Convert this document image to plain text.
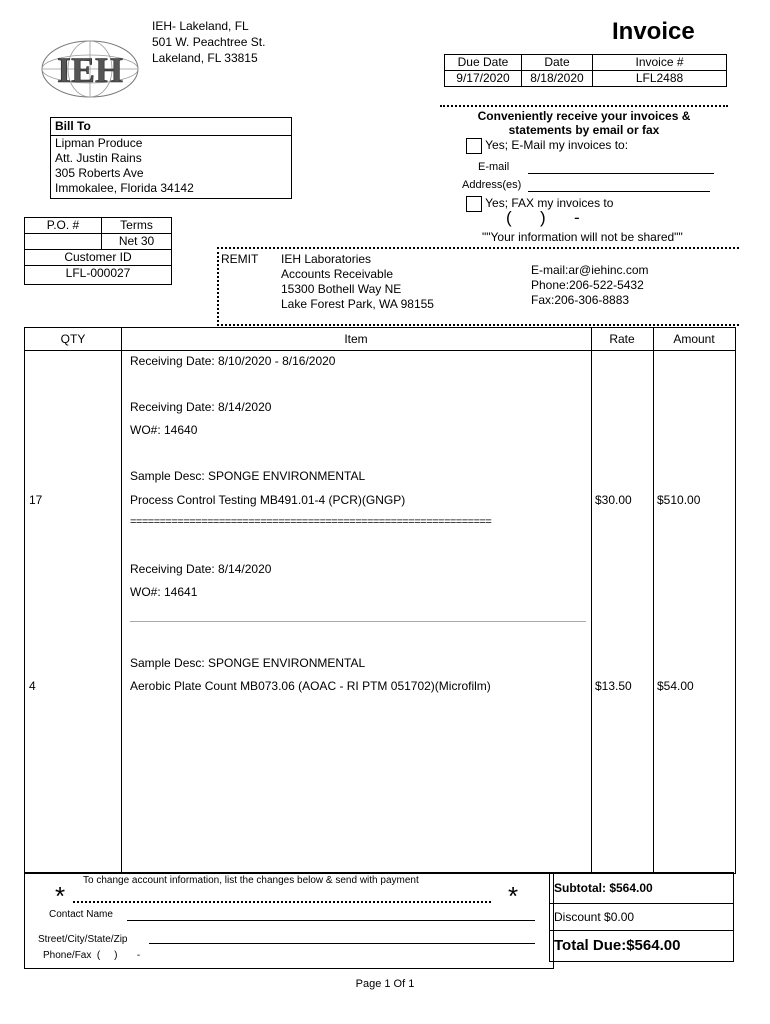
IEH
IEH- Lakeland, FL
501 W. Peachtree St.
Lakeland, FL 33815
Invoice
Due Date	Date	Invoice #
9/17/2020	8/18/2020	LFL2488
Bill To
Lipman Produce
Att. Justin Rains
305 Roberts Ave
Immokalee, Florida 34142
P.O. #	Terms
	Net 30
Customer ID	
LFL-000027	
Conveniently receive your invoices &
statements by email or fax
Yes; E-Mail my invoices to:
E-mail
Address(es)
Yes; FAX my invoices to
(      )      -
""Your information will not be shared""
REMIT IEH Laboratories
Accounts Receivable
15300 Bothell Way NE
Lake Forest Park, WA 98155
E-mail:ar@iehinc.com
Phone:206-522-5432
Fax:206-306-8883
QTY	Item	Rate	Amount
Receiving Date: 8/10/2020 - 8/16/2020
Receiving Date: 8/14/2020
WO#: 14640
Sample Desc: SPONGE ENVIRONMENTAL
17	Process Control Testing MB491.01-4 (PCR)(GNGP)	$30.00 $510.00
=============================================================
Receiving Date: 8/14/2020
WO#: 14641
Sample Desc: SPONGE ENVIRONMENTAL
4	Aerobic Plate Count MB073.06 (AOAC - RI PTM 051702)(Microfilm)	$13.50 $54.00
To change account information, list the changes below & send with payment
*	*
Contact Name
Street/City/State/Zip
Phone/Fax  (     )       -
Subtotal: $564.00
Discount $0.00
Total Due:$564.00
Page 1 Of 1
